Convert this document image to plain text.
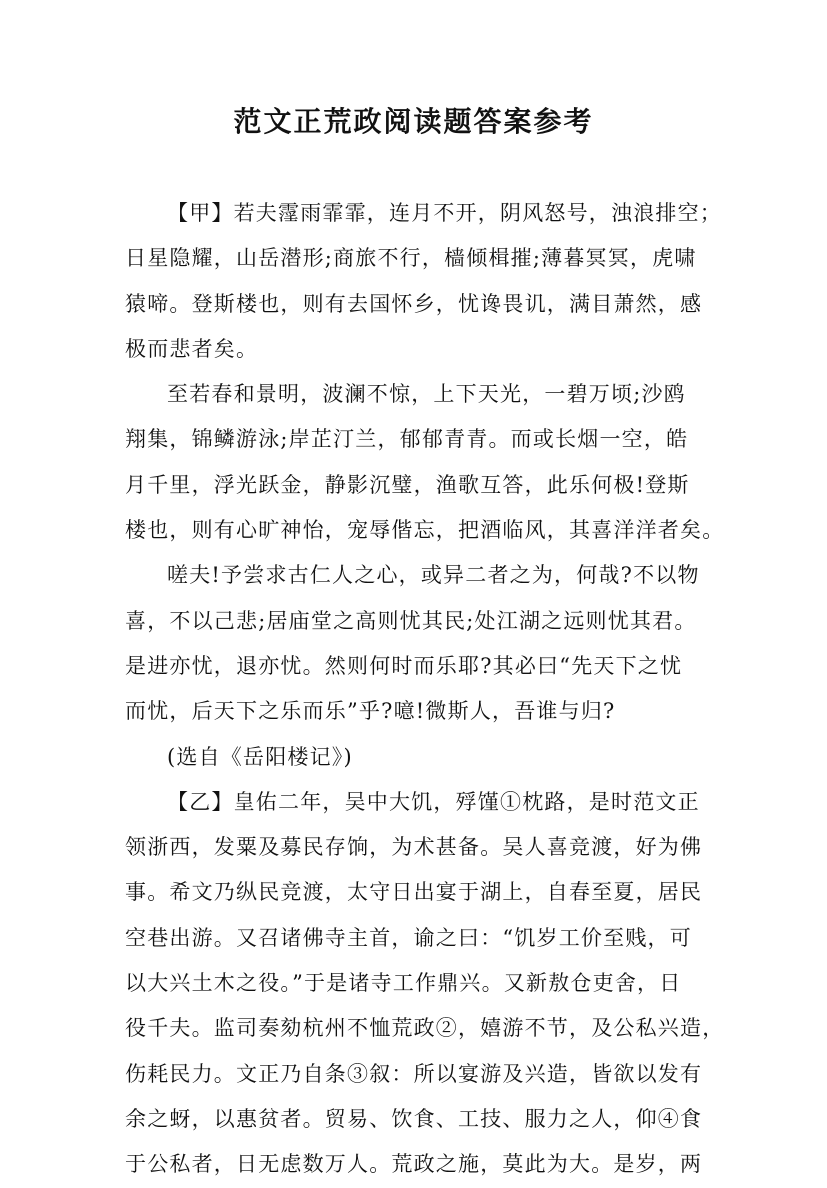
范文正荒政阅读题答案参考

【甲】若夫霪雨霏霏，连月不开，阴风怒号，浊浪排空；
日星隐耀，山岳潜形;商旅不行，樯倾楫摧;薄暮冥冥，虎啸
猿啼。登斯楼也，则有去国怀乡，忧谗畏讥，满目萧然，感
极而悲者矣。

至若春和景明，波澜不惊，上下天光，一碧万顷;沙鸥
翔集，锦鳞游泳;岸芷汀兰，郁郁青青。而或长烟一空，皓
月千里，浮光跃金，静影沉璧，渔歌互答，此乐何极!登斯
楼也，则有心旷神怡，宠辱偕忘，把酒临风，其喜洋洋者矣。

嗟夫!予尝求古仁人之心，或异二者之为，何哉?不以物
喜，不以己悲;居庙堂之高则忧其民;处江湖之远则忧其君。
是进亦忧，退亦忧。然则何时而乐耶?其必曰“先天下之忧
而忧，后天下之乐而乐”乎?噫!微斯人，吾谁与归?

(选自《岳阳楼记》)

【乙】皇佑二年，吴中大饥，殍馑①枕路，是时范文正
领浙西，发粟及募民存饷，为术甚备。吴人喜竞渡，好为佛
事。希文乃纵民竞渡，太守日出宴于湖上，自春至夏，居民
空巷出游。又召诸佛寺主首，谕之曰：“饥岁工价至贱，可
以大兴土木之役。”于是诸寺工作鼎兴。又新敖仓吏舍，日
役千夫。监司奏劾杭州不恤荒政②，嬉游不节，及公私兴造，
伤耗民力。文正乃自条③叙：所以宴游及兴造，皆欲以发有
余之蚜，以惠贫者。贸易、饮食、工技、服力之人，仰④食
于公私者，日无虑数万人。荒政之施，莫此为大。是岁，两
